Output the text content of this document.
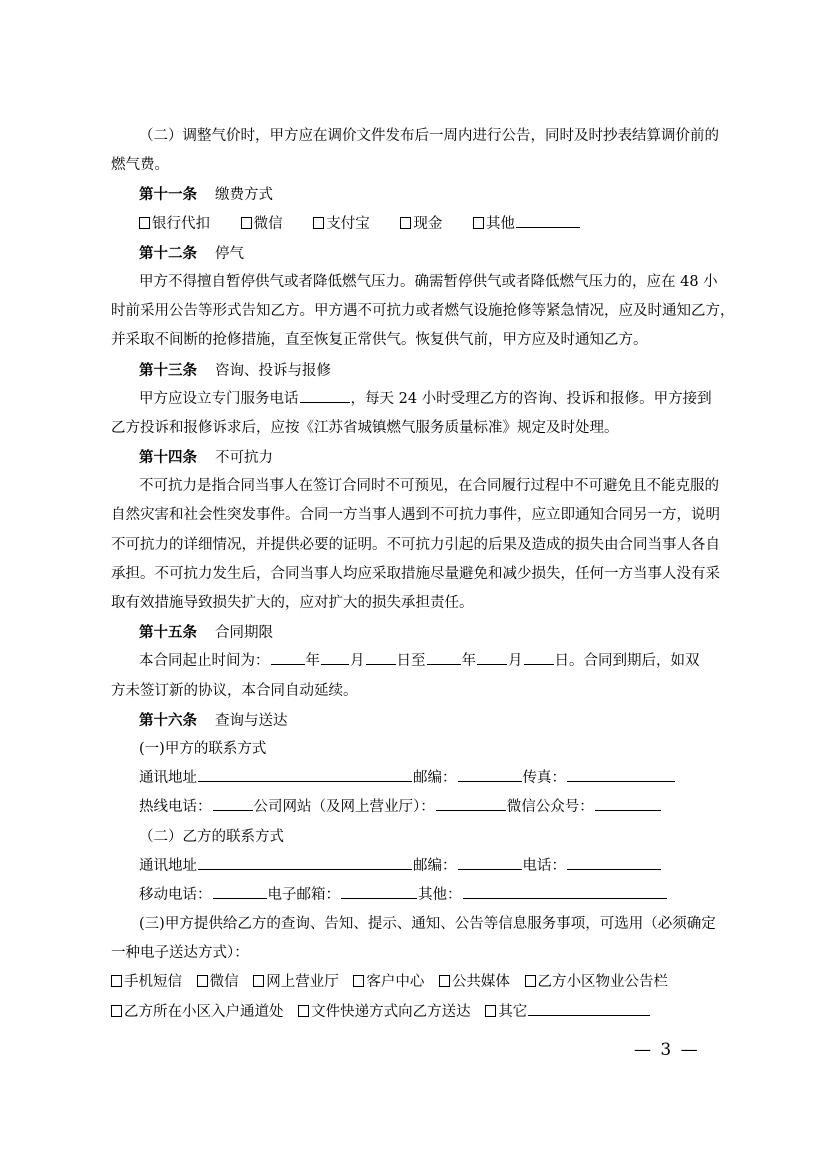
（二）调整气价时，甲方应在调价文件发布后一周内进行公告，同时及时抄表结算调价前的
燃气费。
第十一条 缴费方式
银行代扣	微信	支付宝	现金	其他
第十二条 停气
甲方不得擅自暂停供气或者降低燃气压力。确需暂停供气或者降低燃气压力的，应在 48 小
时前采用公告等形式告知乙方。甲方遇不可抗力或者燃气设施抢修等紧急情况，应及时通知乙方，
并采取不间断的抢修措施，直至恢复正常供气。恢复供气前，甲方应及时通知乙方。
第十三条 咨询、投诉与报修
甲方应设立专门服务电话	，每天 24 小时受理乙方的咨询、投诉和报修。甲方接到
乙方投诉和报修诉求后，应按《江苏省城镇燃气服务质量标准》规定及时处理。
第十四条 不可抗力
不可抗力是指合同当事人在签订合同时不可预见，在合同履行过程中不可避免且不能克服的
自然灾害和社会性突发事件。合同一方当事人遇到不可抗力事件，应立即通知合同另一方，说明
不可抗力的详细情况，并提供必要的证明。不可抗力引起的后果及造成的损失由合同当事人各自
承担。不可抗力发生后，合同当事人均应采取措施尽量避免和减少损失，任何一方当事人没有采
取有效措施导致损失扩大的，应对扩大的损失承担责任。
第十五条 合同期限
本合同起止时间为： 年 月 日至 年 月 日。合同到期后，如双
方未签订新的协议，本合同自动延续。
第十六条 查询与送达
(一)甲方的联系方式
通讯地址	邮编：	传真：
热线电话：	公司网站（及网上营业厅）：	微信公众号：
（二）乙方的联系方式
通讯地址	邮编：	电话：
移动电话：	电子邮箱：	其他：
(三)甲方提供给乙方的查询、告知、提示、通知、公告等信息服务事项，可选用（必须确定
一种电子送达方式）：
手机短信 微信 网上营业厅 客户中心 公共媒体 乙方小区物业公告栏
乙方所在小区入户通道处 文件快递方式向乙方送达 其它
— 3 —
